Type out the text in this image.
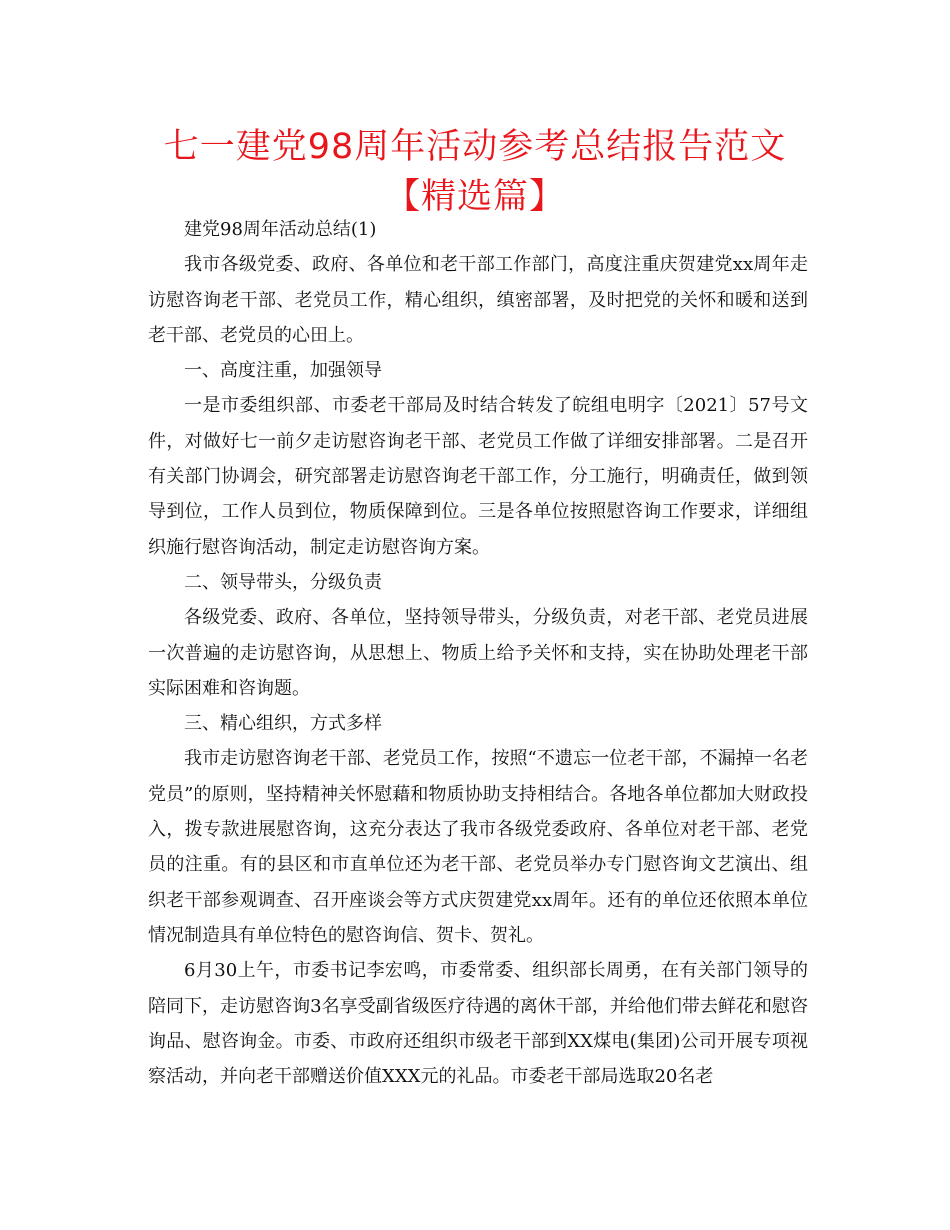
七一建党98周年活动参考总结报告范文【精选篇】

建党98周年活动总结(1)

我市各级党委、政府、各单位和老干部工作部门，高度注重庆贺建党xx周年走访慰咨询老干部、老党员工作，精心组织，缜密部署，及时把党的关怀和暖和送到老干部、老党员的心田上。

一、高度注重，加强领导

一是市委组织部、市委老干部局及时结合转发了皖组电明字〔2021〕57号文件，对做好七一前夕走访慰咨询老干部、老党员工作做了详细安排部署。二是召开有关部门协调会，研究部署走访慰咨询老干部工作，分工施行，明确责任，做到领导到位，工作人员到位，物质保障到位。三是各单位按照慰咨询工作要求，详细组织施行慰咨询活动，制定走访慰咨询方案。

二、领导带头，分级负责

各级党委、政府、各单位，坚持领导带头，分级负责，对老干部、老党员进展一次普遍的走访慰咨询，从思想上、物质上给予关怀和支持，实在协助处理老干部实际困难和咨询题。

三、精心组织，方式多样

我市走访慰咨询老干部、老党员工作，按照“不遗忘一位老干部，不漏掉一名老党员”的原则，坚持精神关怀慰藉和物质协助支持相结合。各地各单位都加大财政投入，拨专款进展慰咨询，这充分表达了我市各级党委政府、各单位对老干部、老党员的注重。有的县区和市直单位还为老干部、老党员举办专门慰咨询文艺演出、组织老干部参观调查、召开座谈会等方式庆贺建党xx周年。还有的单位还依照本单位情况制造具有单位特色的慰咨询信、贺卡、贺礼。

6月30上午，市委书记李宏鸣，市委常委、组织部长周勇，在有关部门领导的陪同下，走访慰咨询3名享受副省级医疗待遇的离休干部，并给他们带去鲜花和慰咨询品、慰咨询金。市委、市政府还组织市级老干部到XX煤电(集团)公司开展专项视察活动，并向老干部赠送价值XXX元的礼品。市委老干部局选取20名老
